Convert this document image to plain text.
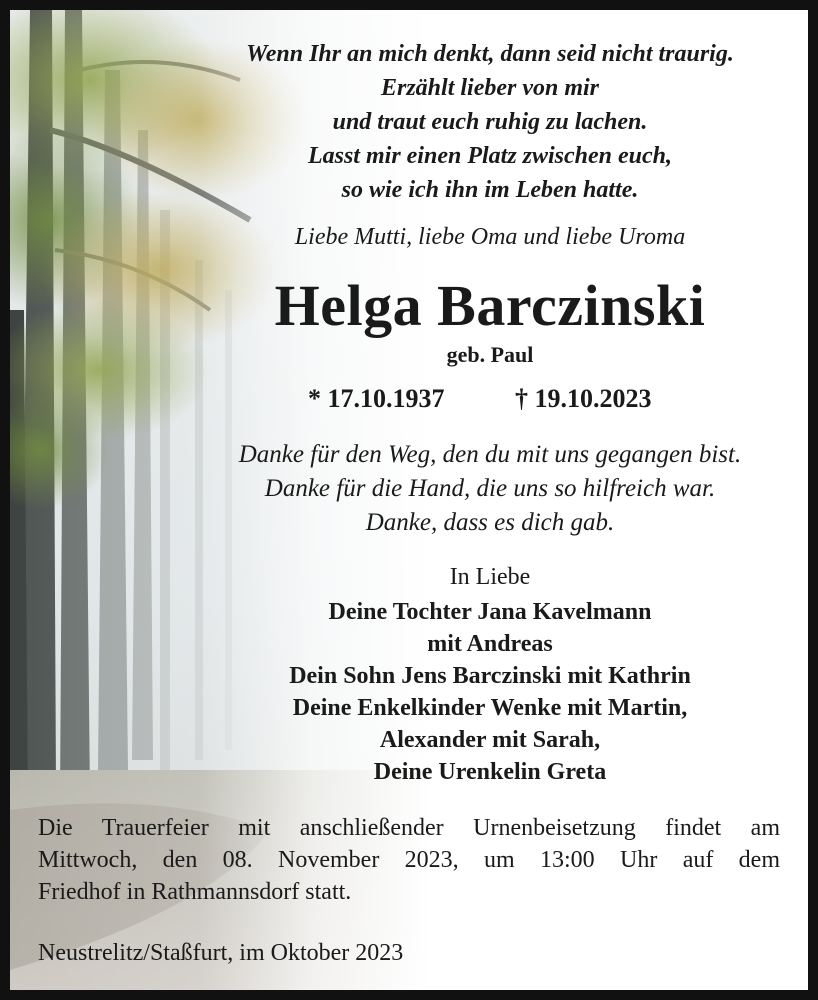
Wenn Ihr an mich denkt, dann seid nicht traurig.
Erzählt lieber von mir
und traut euch ruhig zu lachen.
Lasst mir einen Platz zwischen euch,
so wie ich ihn im Leben hatte.
Liebe Mutti, liebe Oma und liebe Uroma
Helga Barczinski
geb. Paul
* 17.10.1937	† 19.10.2023
Danke für den Weg, den du mit uns gegangen bist.
Danke für die Hand, die uns so hilfreich war.
Danke, dass es dich gab.
In Liebe
Deine Tochter Jana Kavelmann
mit Andreas
Dein Sohn Jens Barczinski mit Kathrin
Deine Enkelkinder Wenke mit Martin,
Alexander mit Sarah,
Deine Urenkelin Greta
Die Trauerfeier mit anschließender Urnenbeisetzung findet am
Mittwoch, den 08. November 2023, um 13:00 Uhr auf dem
Friedhof in Rathmannsdorf statt.
Neustrelitz/Staßfurt, im Oktober 2023
